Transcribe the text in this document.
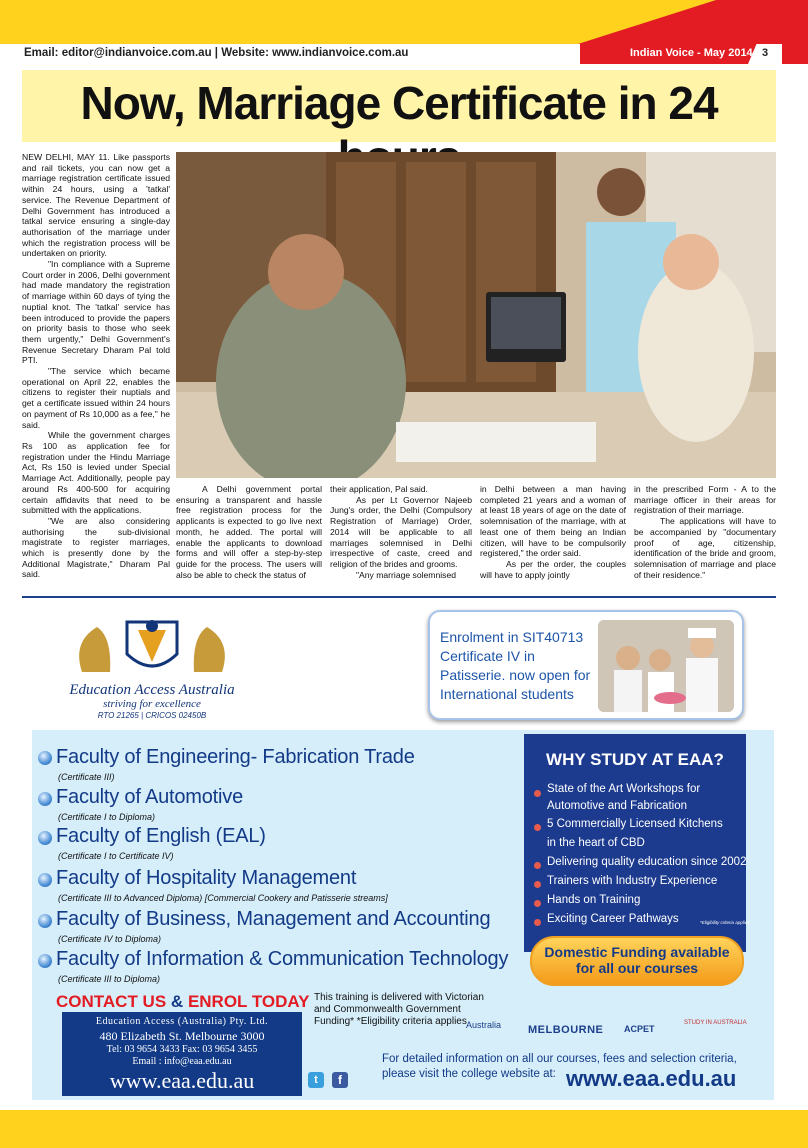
Email: editor@indianvoice.com.au | Website: www.indianvoice.com.au	Indian Voice - May 2014 3
Now, Marriage Certificate in 24

NEW DELHI, MAY 11. Like passports and rail tickets, you can now get a marriage registration certificate issued within 24 hours, using a 'tatkal' service. The Revenue Department of Delhi Government has introduced a tatkal service ensuring a single-day authorisation of the marriage under which the registration process will be undertaken on priority.

"In compliance with a Supreme Court order in 2006, Delhi government had made mandatory the registration of marriage within 60 days of tying the nuptial knot. The 'tatkal' service has been introduced to provide the papers on priority basis to those who seek them urgently," Delhi Government's Revenue Secretary Dharam Pal told PTI.

"The service which became operational on April 22, enables the citizens to register their nuptials and get a certificate issued within 24 hours on payment of Rs 10,000 as a fee," he said.

While the government charges Rs 100 as application fee for registration under the Hindu Marriage Act, Rs 150 is levied under Special Marriage Act. Additionally, people pay around Rs 400-500 for acquiring certain affidavits that need to be submitted with the applications.

"We are also considering authorising the sub-divisional magistrate to register marriages, which is presently done by the Additional Magistrate," Dharam Pal said.

A Delhi government portal ensuring a transparent and hassle free registration process for the applicants is expected to go live next month, he added. The portal will enable the applicants to download forms and will offer a step-by-step guide for the process. The users will also be able to check the status of

their application, Pal said.

As per Lt Governor Najeeb Jung's order, the Delhi (Compulsory Registration of Marriage) Order, 2014 will be applicable to all marriages solemnised in Delhi irrespective of caste, creed and religion of the brides and grooms.

"Any marriage solemnised

in Delhi between a man having completed 21 years and a woman of at least 18 years of age on the date of solemnisation of the marriage, with at least one of them being an Indian citizen, will have to be compulsorily registered," the order said.

As per the order, the couples will have to apply jointly

in the prescribed Form - A to the marriage officer in their areas for registration of their marriage.

The applications will have to be accompanied by "documentary proof of age, citizenship, identification of the bride and groom, solemnisation of marriage and place of their residence."

Education Access Australia
striving for excellence
RTO 21265 | CRICOS 02450B
Enrolment in SIT40713 Certificate IV in Patisserie. now open for International students
Faculty of Engineering- Fabrication Trade
(Certificate III)
Faculty of Automotive
(Certificate I to Diploma)
Faculty of English (EAL)
(Certificate I to Certificate IV)
Faculty of Hospitality Management
(Certificate III to Advanced Diploma) [Commercial Cookery and Patisserie streams]
Faculty of Business, Management and Accounting
(Certificate IV to Diploma)
Faculty of Information & Communication Technology
(Certificate III to Diploma)
WHY STUDY AT EAA?
State of the Art Workshops for
Automotive and Fabrication
5 Commercially Licensed Kitchens
in the heart of CBD
Delivering quality education since 2002
Trainers with Industry Experience
Hands on Training
Exciting Career Pathways	*Eligibility criteria applies
Domestic Funding available
for all our courses
CONTACT US & ENROL TODAY
Education Access (Australia) Pty. Ltd.
480 Elizabeth St. Melbourne 3000
Tel: 03 9654 3433 Fax: 03 9654 3455
Email : info@eaa.edu.au
www.eaa.edu.au	t	f
This training is delivered with Victorian and Commonwealth Government Funding* *Eligibility criteria applies Australia MELBOURNE ACPET
STUDY IN AUSTRALIA
For detailed information on all our courses, fees and selection criteria, please visit the college website at: www.eaa.edu.au
